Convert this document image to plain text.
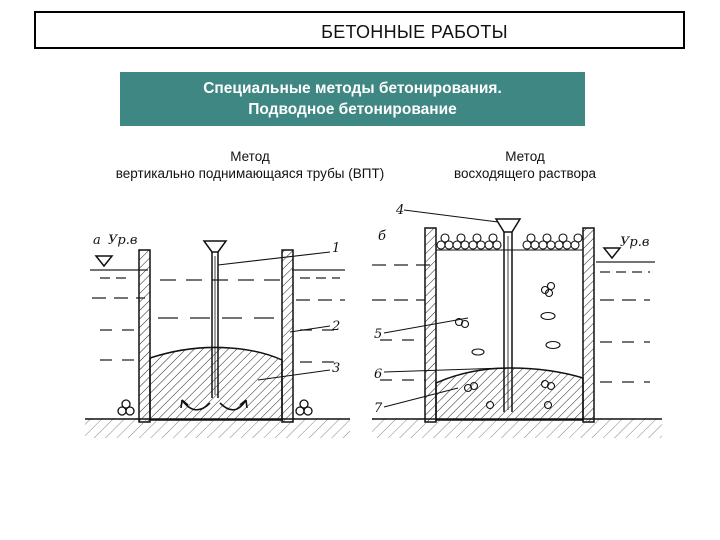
БЕТОННЫЕ РАБОТЫ
Специальные методы бетонирования.
Подводное бетонирование
Метод
вертикально поднимающаяся трубы (ВПТ)
Метод
восходящего раствора
а Ур.в
1
2
3
4
б	Ур.в
5
6
7
